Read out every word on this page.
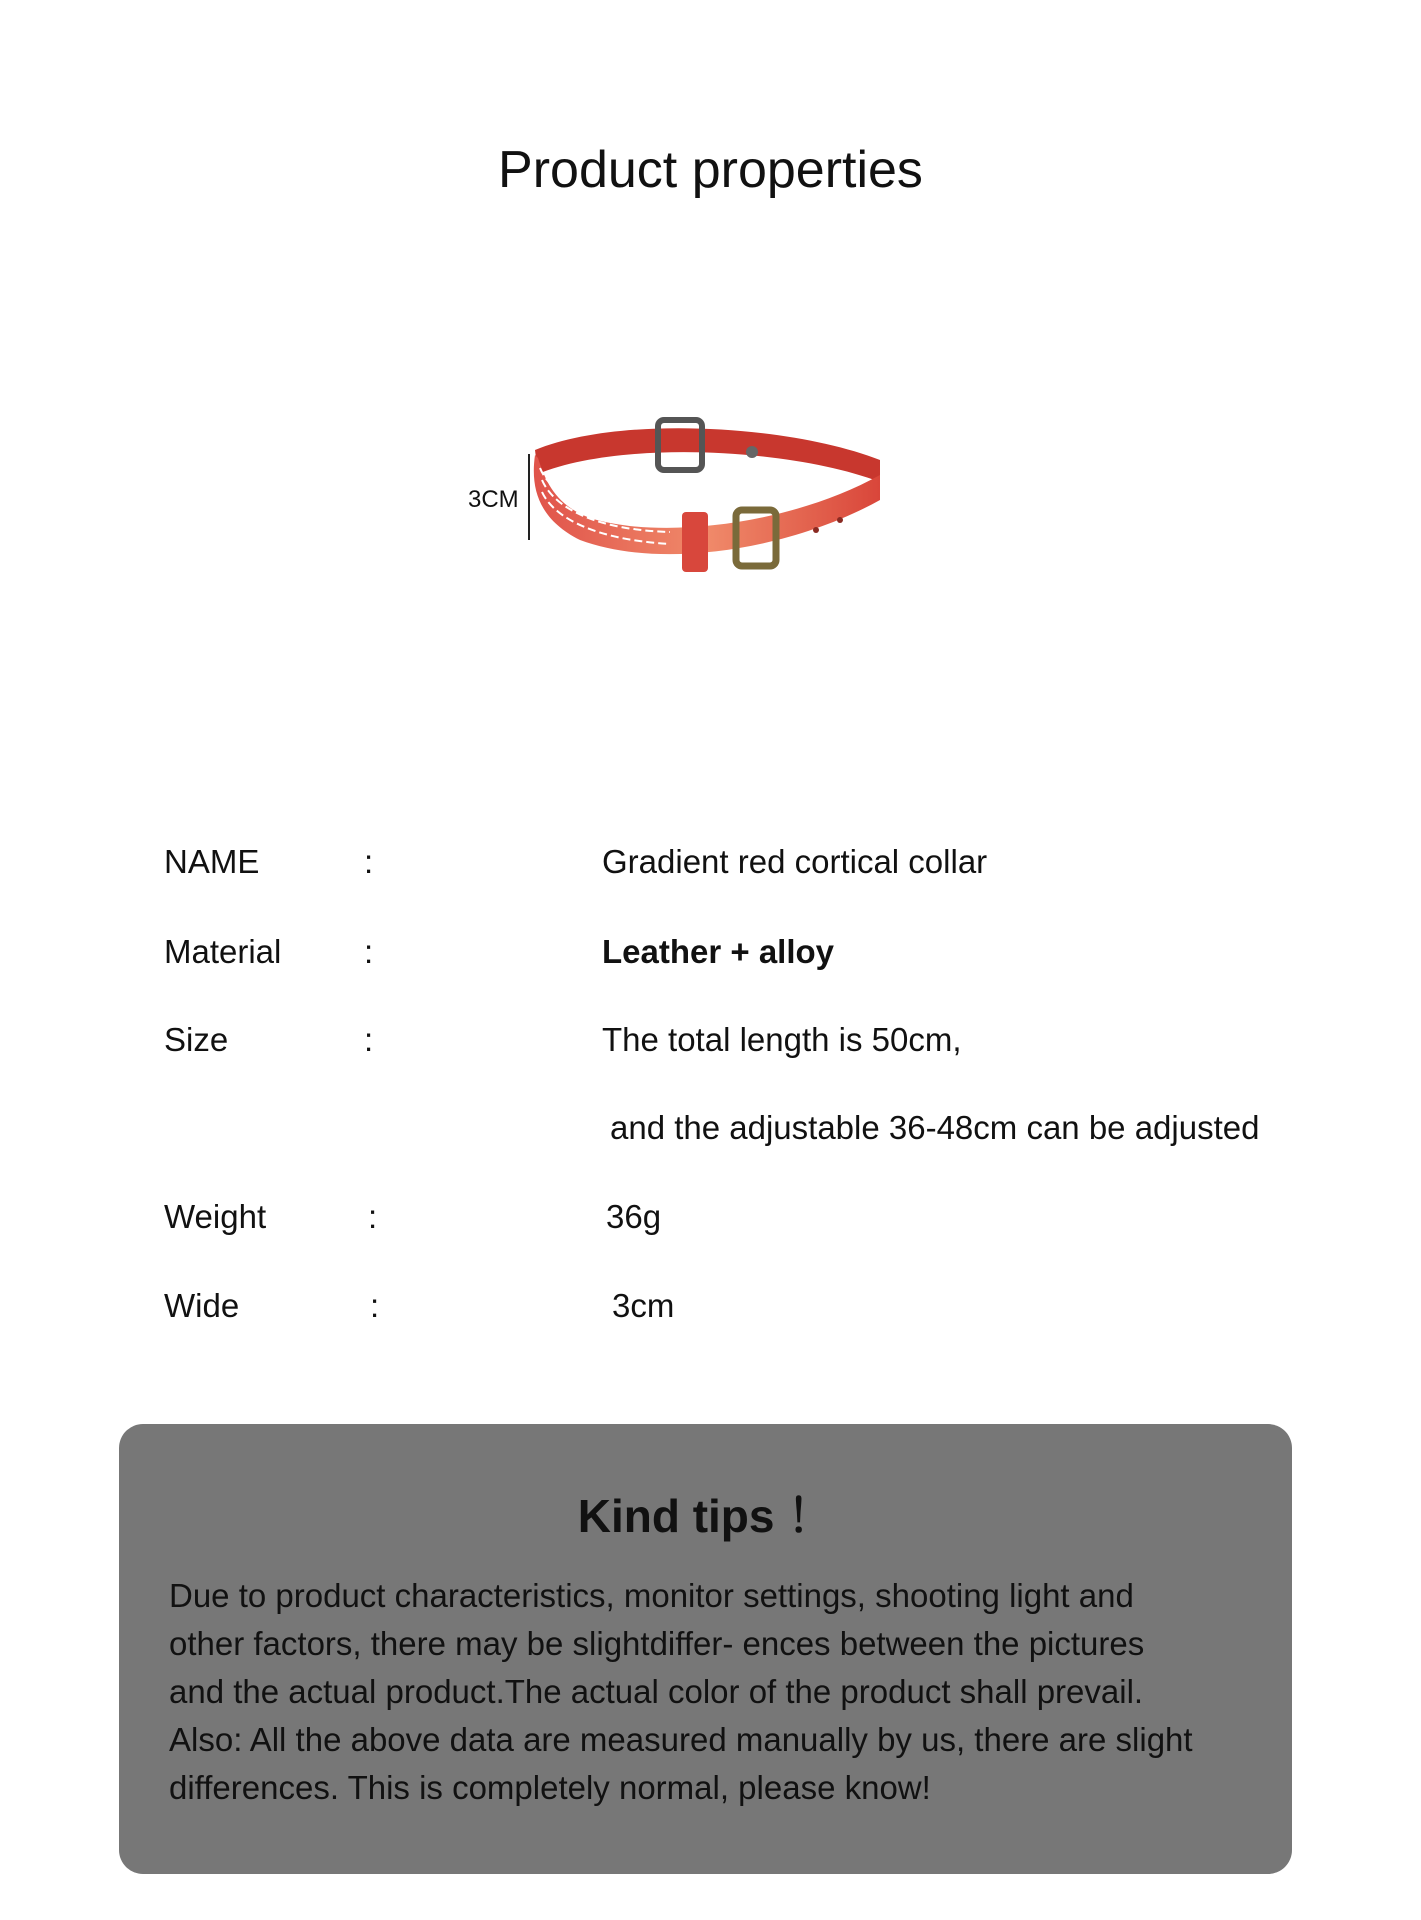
Product properties
3CM
NAME	:	Gradient red cortical collar
Material	:	Leather + alloy
Size	:	The total length is 50cm,
and the adjustable 36-48cm can be adjusted
Weight	:	36g
Wide	:	3cm
Kind tips ！
Due to product characteristics, monitor settings, shooting light and
other factors, there may be slightdiffer- ences between the pictures
and the actual product.The actual color of the product shall prevail.
Also: All the above data are measured manually by us, there are slight
differences. This is completely normal, please know!
